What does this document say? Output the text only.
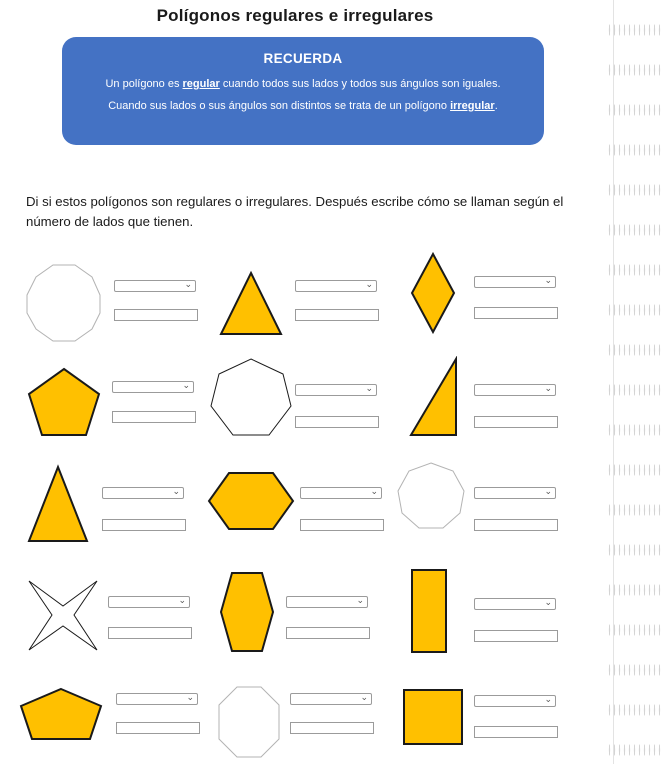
Polígonos regulares e irregulares
RECUERDA
Un polígono es regular cuando todos sus lados y todos sus ángulos son iguales.
Cuando sus lados o sus ángulos son distintos se trata de un polígono irregular.
Di si estos polígonos son regulares o irregulares. Después escribe cómo se llaman según el número de lados que tienen.
⌄	⌄	⌄
⌄	⌄	⌄
⌄	⌄	⌄
⌄	⌄	⌄
⌄	⌄	⌄
